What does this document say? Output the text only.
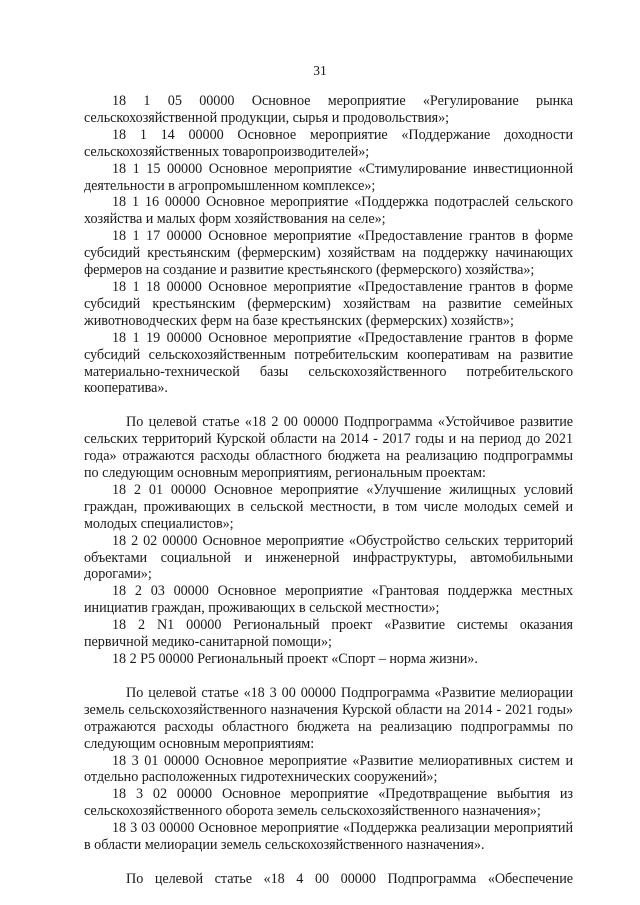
31

18 1 05 00000 Основное мероприятие «Регулирование рынка сельскохозяйственной продукции, сырья и продовольствия»;

18 1 14 00000 Основное мероприятие «Поддержание доходности сельскохозяйственных товаропроизводителей»;

18 1 15 00000 Основное мероприятие «Стимулирование инвестиционной деятельности в агропромышленном комплексе»;

18 1 16 00000 Основное мероприятие «Поддержка подотраслей сельского хозяйства и малых форм хозяйствования на селе»;

18 1 17 00000 Основное мероприятие «Предоставление грантов в форме субсидий крестьянским (фермерским) хозяйствам на поддержку начинающих фермеров на создание и развитие крестьянского (фермерского) хозяйства»;

18 1 18 00000 Основное мероприятие «Предоставление грантов в форме субсидий крестьянским (фермерским) хозяйствам на развитие семейных животноводческих ферм на базе крестьянских (фермерских) хозяйств»;

18 1 19 00000 Основное мероприятие «Предоставление грантов в форме субсидий сельскохозяйственным потребительским кооперативам на развитие материально-технической базы сельскохозяйственного потребительского кооператива».

По целевой статье «18 2 00 00000 Подпрограмма «Устойчивое развитие сельских территорий Курской области на 2014 - 2017 годы и на период до 2021 года» отражаются расходы областного бюджета на реализацию подпрограммы по следующим основным мероприятиям, региональным проектам:

18 2 01 00000 Основное мероприятие «Улучшение жилищных условий граждан, проживающих в сельской местности, в том числе молодых семей и молодых специалистов»;

18 2 02 00000 Основное мероприятие «Обустройство сельских территорий объектами социальной и инженерной инфраструктуры, автомобильными дорогами»;

18 2 03 00000 Основное мероприятие «Грантовая поддержка местных инициатив граждан, проживающих в сельской местности»;

18 2 N1 00000 Региональный проект «Развитие системы оказания первичной медико-санитарной помощи»;

18 2 P5 00000 Региональный проект «Спорт – норма жизни».

По целевой статье «18 3 00 00000 Подпрограмма «Развитие мелиорации земель сельскохозяйственного назначения Курской области на 2014 - 2021 годы» отражаются расходы областного бюджета на реализацию подпрограммы по следующим основным мероприятиям:

18 3 01 00000 Основное мероприятие «Развитие мелиоративных систем и отдельно расположенных гидротехнических сооружений»;

18 3 02 00000 Основное мероприятие «Предотвращение выбытия из сельскохозяйственного оборота земель сельскохозяйственного назначения»;

18 3 03 00000 Основное мероприятие «Поддержка реализации мероприятий в области мелиорации земель сельскохозяйственного назначения».

По целевой статье «18 4 00 00000 Подпрограмма «Обеспечение
